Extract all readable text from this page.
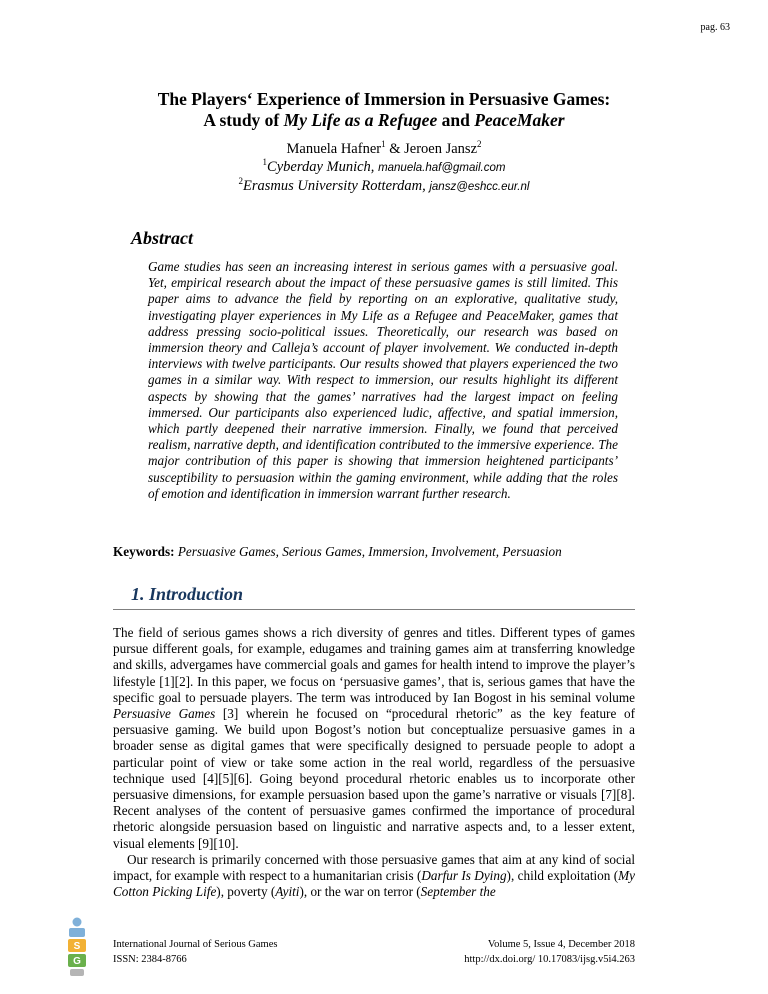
pag. 63
The Players‘ Experience of Immersion in Persuasive Games:
A study of My Life as a Refugee and PeaceMaker
Manuela Hafner$^1$ & Jeroen Jansz$^2$
$^1$Cyberday Munich, manuela.haf@gmail.com
$^2$Erasmus University Rotterdam, jansz@eshcc.eur.nl
Abstract

Game studies has seen an increasing interest in serious games with a persuasive goal. Yet, empirical research about the impact of these persuasive games is still limited. This paper aims to advance the field by reporting on an explorative, qualitative study, investigating player experiences in My Life as a Refugee and PeaceMaker, games that address pressing socio-political issues. Theoretically, our research was based on immersion theory and Calleja’s account of player involvement. We conducted in-depth interviews with twelve participants. Our results showed that players experienced the two games in a similar way. With respect to immersion, our results highlight its different aspects by showing that the games’ narratives had the largest impact on feeling immersed. Our participants also experienced ludic, affective, and spatial immersion, which partly deepened their narrative immersion. Finally, we found that perceived realism, narrative depth, and identification contributed to the immersive experience. The major contribution of this paper is showing that immersion heightened participants’ susceptibility to persuasion within the gaming environment, while adding that the roles of emotion and identification in immersion warrant further research.

Keywords: Persuasive Games, Serious Games, Immersion, Involvement, Persuasion

1. Introduction

The field of serious games shows a rich diversity of genres and titles. Different types of games pursue different goals, for example, edugames and training games aim at transferring knowledge and skills, advergames have commercial goals and games for health intend to improve the player’s lifestyle [1][2]. In this paper, we focus on ‘persuasive games’, that is, serious games that have the specific goal to persuade players. The term was introduced by Ian Bogost in his seminal volume Persuasive Games [3] wherein he focused on “procedural rhetoric” as the key feature of persuasive gaming. We build upon Bogost’s notion but conceptualize persuasive games in a broader sense as digital games that were specifically designed to persuade people to adopt a particular point of view or take some action in the real world, regardless of the persuasive technique used [4][5][6]. Going beyond procedural rhetoric enables us to incorporate other persuasive dimensions, for example persuasion based upon the game’s narrative or visuals [7][8]. Recent analyses of the content of persuasive games confirmed the importance of procedural rhetoric alongside persuasion based on linguistic and narrative aspects and, to a lesser extent, visual elements [9][10].

Our research is primarily concerned with those persuasive games that aim at any kind of social impact, for example with respect to a humanitarian crisis (Darfur Is Dying), child exploitation (My Cotton Picking Life), poverty (Ayiti), or the war on terror (September the

S
G
International Journal of Serious Games
ISSN: 2384-8766
Volume 5, Issue 4, December 2018
http://dx.doi.org/ 10.17083/ijsg.v5i4.263
